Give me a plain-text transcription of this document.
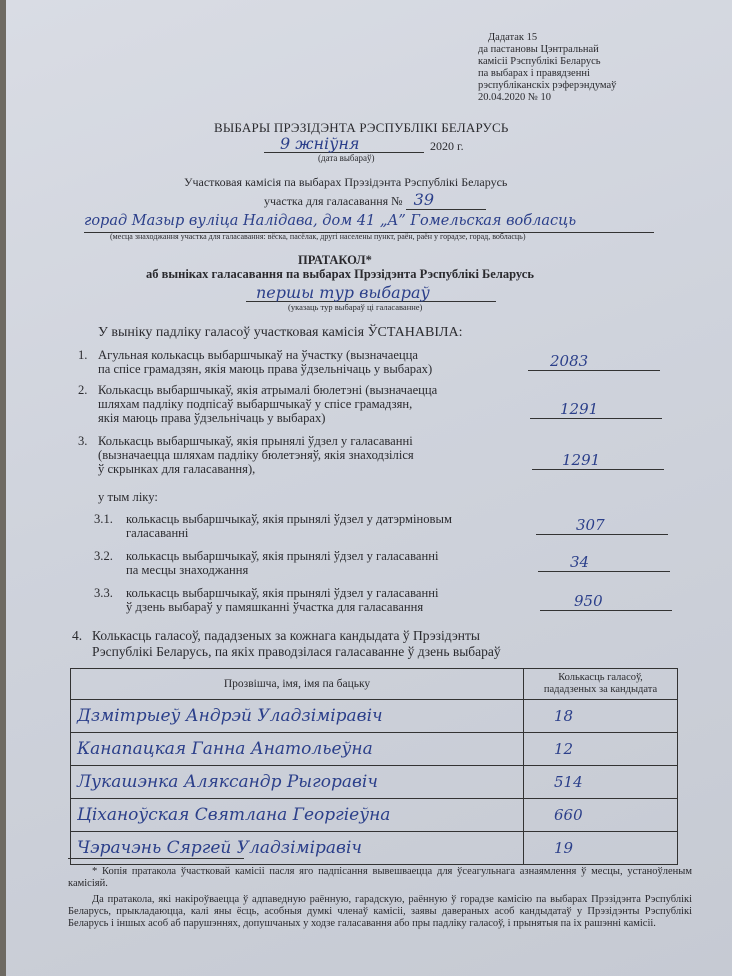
Дадатак 15
да пастановы Цэнтральнай
камісіі Рэспублікі Беларусь
па выбарах і правядзенні
рэспубліканскіх рэферэндумаў
20.04.2020 № 10
ВЫБАРЫ ПРЭЗІДЭНТА РЭСПУБЛІКІ БЕЛАРУСЬ
9 жніўня	2020 г.
(дата выбараў)
Участковая камісія па выбарах Прэзідэнта Рэспублікі Беларусь
участка для галасавання № 39
горад Мазыр вуліца Налідава, дом 41 „А” Гомельская вобласць
(месца знаходжання участка для галасавання: вёска, пасёлак, другі населены пункт, раён, раён у горадзе, горад, вобласць)
ПРАТАКОЛ*
аб выніках галасавання па выбарах Прэзідэнта Рэспублікі Беларусь
першы тур выбараў
(указаць тур выбараў ці галасаванне)
У выніку падліку галасоў участковая камісія ЎСТАНАВІЛА:
1. Агульная колькасць выбаршчыкаў на ўчастку (вызначаецца
па спісе грамадзян, якія маюць права ўдзельнічаць у выбарах)	2083
2. Колькасць выбаршчыкаў, якія атрымалі бюлетэні (вызначаецца
шляхам падліку подпісаў выбаршчыкаў у спісе грамадзян,
якія маюць права ўдзельнічаць у выбарах)	1291
3. Колькасць выбаршчыкаў, якія прынялі ўдзел у галасаванні
(вызначаецца шляхам падліку бюлетэняў, якія знаходзіліся
ў скрынках для галасавання),	1291
у тым ліку:
3.1. колькасць выбаршчыкаў, якія прынялі ўдзел у датэрміновым
галасаванні	307
3.2. колькасць выбаршчыкаў, якія прынялі ўдзел у галасаванні
па месцы знаходжання	34
3.3. колькасць выбаршчыкаў, якія прынялі ўдзел у галасаванні
ў дзень выбараў у памяшканні ўчастка для галасавання	950
4. Колькасць галасоў, пададзеных за кожнага кандыдата ў Прэзідэнты
Рэспублікі Беларусь, па якіх праводзілася галасаванне ў дзень выбараў
Прозвішча, імя, імя па бацьку	Колькасць галасоў,
пададзеных за кандыдата

Дзмітрыеў Андрэй Уладзіміравіч	18
Канапацкая Ганна Анатольеўна	12
Лукашэнка Аляксандр Рыгоравіч	514
Ціханоўская Святлана Георгіеўна	660
Чэрачэнь Сяргей Уладзіміравіч	19
* Копія пратакола ўчастковай камісіі пасля яго падпісання вывешваецца для ўсеагульнага азнаямлення ў месцы, устаноўленым камісіяй.
Да пратакола, які накіроўваецца ў адпаведную раённую, гарадскую, раённую ў горадзе камісію па выбарах Прэзідэнта Рэспублікі Беларусь, прыкладаюцца, калі яны ёсць, асобныя думкі членаў камісіі, заявы даверaных асоб кандыдатаў у Прэзідэнты Рэспублікі Беларусь і іншых асоб аб парушэннях, допушчаных у ходзе галасавання або пры падліку галасоў, і прынятыя па іх рашэнні камісіі.
